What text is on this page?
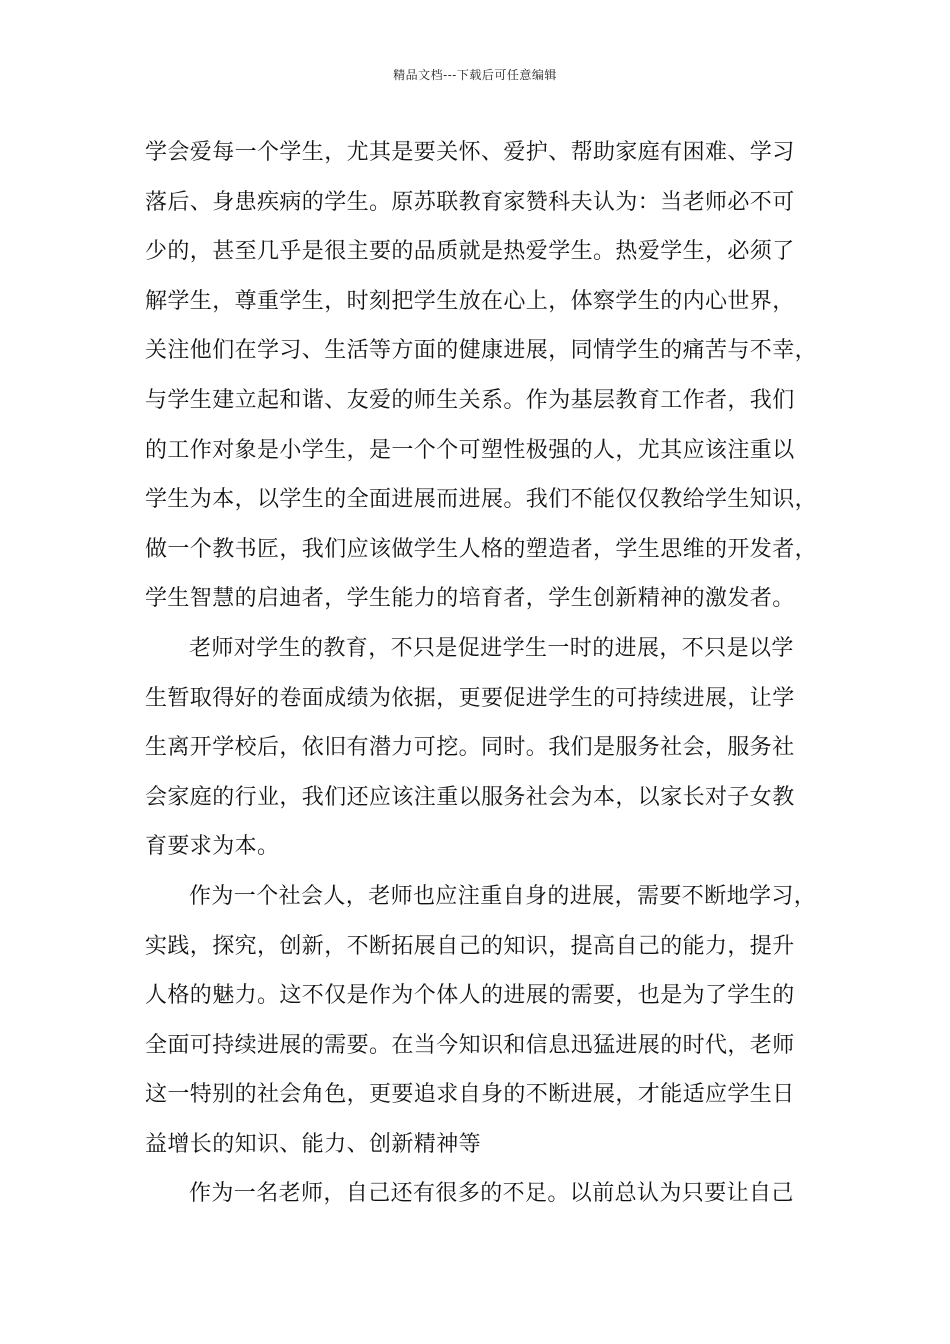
精品文档---下载后可任意编辑
学会爱每一个学生，尤其是要关怀、爱护、帮助家庭有困难、学习
落后、身患疾病的学生。原苏联教育家赞科夫认为：当老师必不可
少的，甚至几乎是很主要的品质就是热爱学生。热爱学生，必须了
解学生，尊重学生，时刻把学生放在心上，体察学生的内心世界，
关注他们在学习、生活等方面的健康进展，同情学生的痛苦与不幸，
与学生建立起和谐、友爱的师生关系。作为基层教育工作者，我们
的工作对象是小学生，是一个个可塑性极强的人，尤其应该注重以
学生为本，以学生的全面进展而进展。我们不能仅仅教给学生知识，
做一个教书匠，我们应该做学生人格的塑造者，学生思维的开发者，
学生智慧的启迪者，学生能力的培育者，学生创新精神的激发者。
老师对学生的教育，不只是促进学生一时的进展，不只是以学
生暂取得好的卷面成绩为依据，更要促进学生的可持续进展，让学
生离开学校后，依旧有潜力可挖。同时。我们是服务社会，服务社
会家庭的行业，我们还应该注重以服务社会为本，以家长对子女教
育要求为本。
作为一个社会人，老师也应注重自身的进展，需要不断地学习，
实践，探究，创新，不断拓展自己的知识，提高自己的能力，提升
人格的魅力。这不仅是作为个体人的进展的需要，也是为了学生的
全面可持续进展的需要。在当今知识和信息迅猛进展的时代，老师
这一特别的社会角色，更要追求自身的不断进展，才能适应学生日
益增长的知识、能力、创新精神等
作为一名老师，自己还有很多的不足。以前总认为只要让自己
